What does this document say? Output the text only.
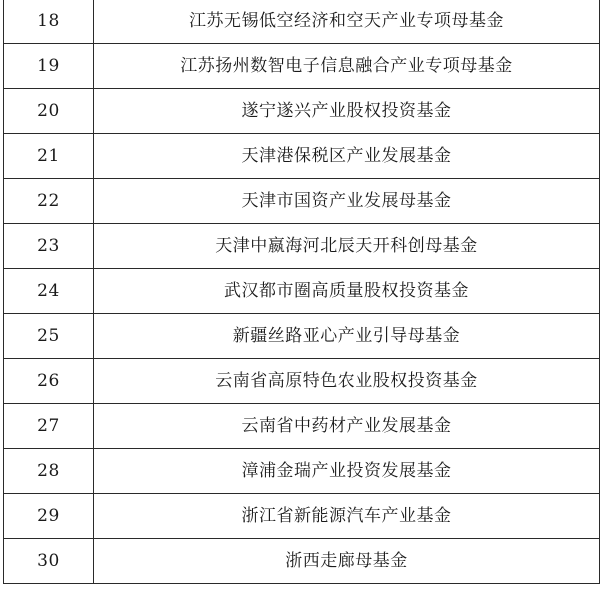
18	江苏无锡低空经济和空天产业专项母基金
19	江苏扬州数智电子信息融合产业专项母基金
20	遂宁遂兴产业股权投资基金
21	天津港保税区产业发展基金
22	天津市国资产业发展母基金
23	天津中嬴海河北辰天开科创母基金
24	武汉都市圈高质量股权投资基金
25	新疆丝路亚心产业引导母基金
26	云南省高原特色农业股权投资基金
27	云南省中药材产业发展基金
28	漳浦金瑞产业投资发展基金
29	浙江省新能源汽车产业基金
30	浙西走廊母基金
